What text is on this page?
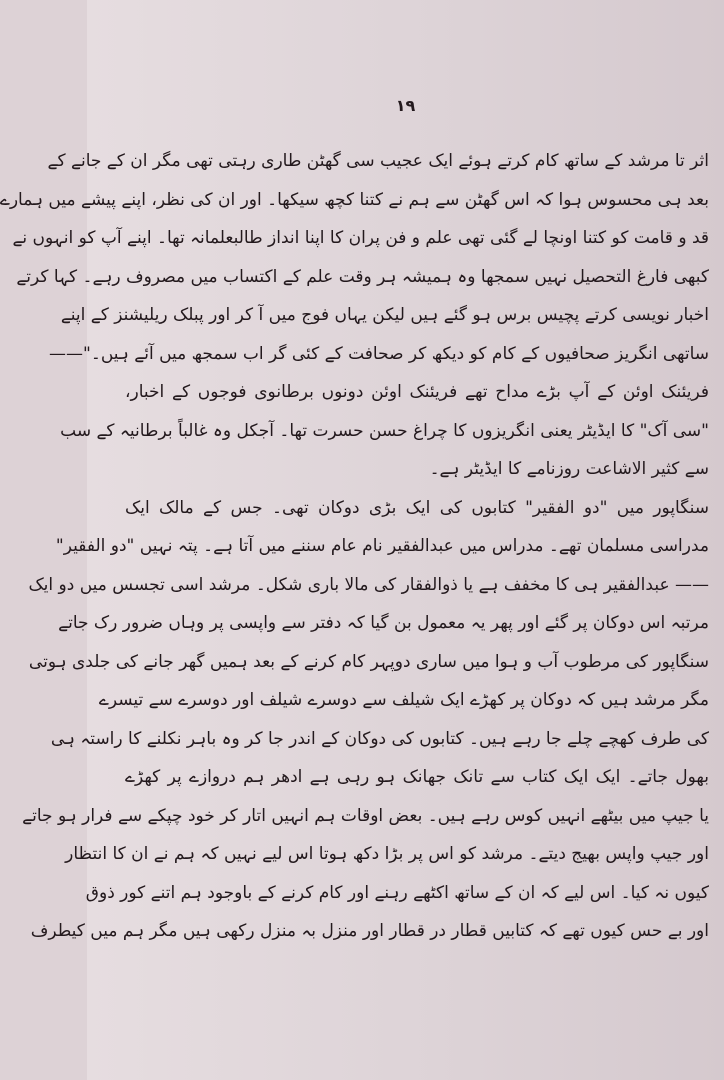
١٩
اثر تا مرشد کے ساتھ کام کرتے ہوئے ایک عجیب سی گھٹن طاری رہتی تھی مگر ان کے جانے کے
بعد ہی محسوس ہوا کہ اس گھٹن سے ہم نے کتنا کچھ سیکھا۔ اور ان کی نظر، اپنے پیشے میں ہمارے
قد و قامت کو کتنا اونچا لے گئی تھی علم و فن پران کا اپنا انداز طالبعلمانہ تھا۔ اپنے آپ کو انہوں نے
کبھی فارغ التحصیل نہیں سمجھا وہ ہمیشہ ہر وقت علم کے اکتساب میں مصروف رہے۔ کہا کرتے
اخبار نویسی کرتے پچیس برس ہو گئے ہیں لیکن یہاں فوج میں آ کر اور پبلک ریلیشنز کے اپنے
ساتھی انگریز صحافیوں کے کام کو دیکھ کر صحافت کے کئی گر اب سمجھ میں آئے ہیں۔"——
فریئنک اوئن کے آپ بڑے مداح تھے فریئنک اوئن دونوں برطانوی فوجوں کے اخبار،
"سی آک" کا ایڈیٹر یعنی انگریزوں کا چراغ حسن حسرت تھا۔ آجکل وہ غالباً برطانیہ کے سب
سے کثیر الاشاعت روزنامے کا ایڈیٹر ہے۔
سنگاپور میں "دو الفقیر" کتابوں کی ایک بڑی دوکان تھی۔ جس کے مالک ایک
مدراسی مسلمان تھے۔ مدراس میں عبدالفقیر نام عام سننے میں آتا ہے۔ پتہ نہیں "دو الفقیر"
—— عبدالفقیر ہی کا مخفف ہے یا ذوالفقار کی مالا باری شکل۔ مرشد اسی تجسس میں دو ایک
مرتبہ اس دوکان پر گئے اور پھر یہ معمول بن گیا کہ دفتر سے واپسی پر وہاں ضرور رک جاتے
سنگاپور کی مرطوب آب و ہوا میں ساری دوپہر کام کرنے کے بعد ہمیں گھر جانے کی جلدی ہوتی
مگر مرشد ہیں کہ دوکان پر کھڑے ایک شیلف سے دوسرے شیلف اور دوسرے سے تیسرے
کی طرف کھچے چلے جا رہے ہیں۔ کتابوں کی دوکان کے اندر جا کر وہ باہر نکلنے کا راستہ ہی
بھول جاتے۔ ایک ایک کتاب سے تانک جھانک ہو رہی ہے ادھر ہم دروازے پر کھڑے
یا جیپ میں بیٹھے انہیں کوس رہے ہیں۔ بعض اوقات ہم انہیں اتار کر خود چپکے سے فرار ہو جاتے
اور جیپ واپس بھیج دیتے۔ مرشد کو اس پر بڑا دکھ ہوتا اس لیے نہیں کہ ہم نے ان کا انتظار
کیوں نہ کیا۔ اس لیے کہ ان کے ساتھ اکٹھے رہنے اور کام کرنے کے باوجود ہم اتنے کور ذوق
اور بے حس کیوں تھے کہ کتابیں قطار در قطار اور منزل بہ منزل رکھی ہیں مگر ہم میں کیطرف
